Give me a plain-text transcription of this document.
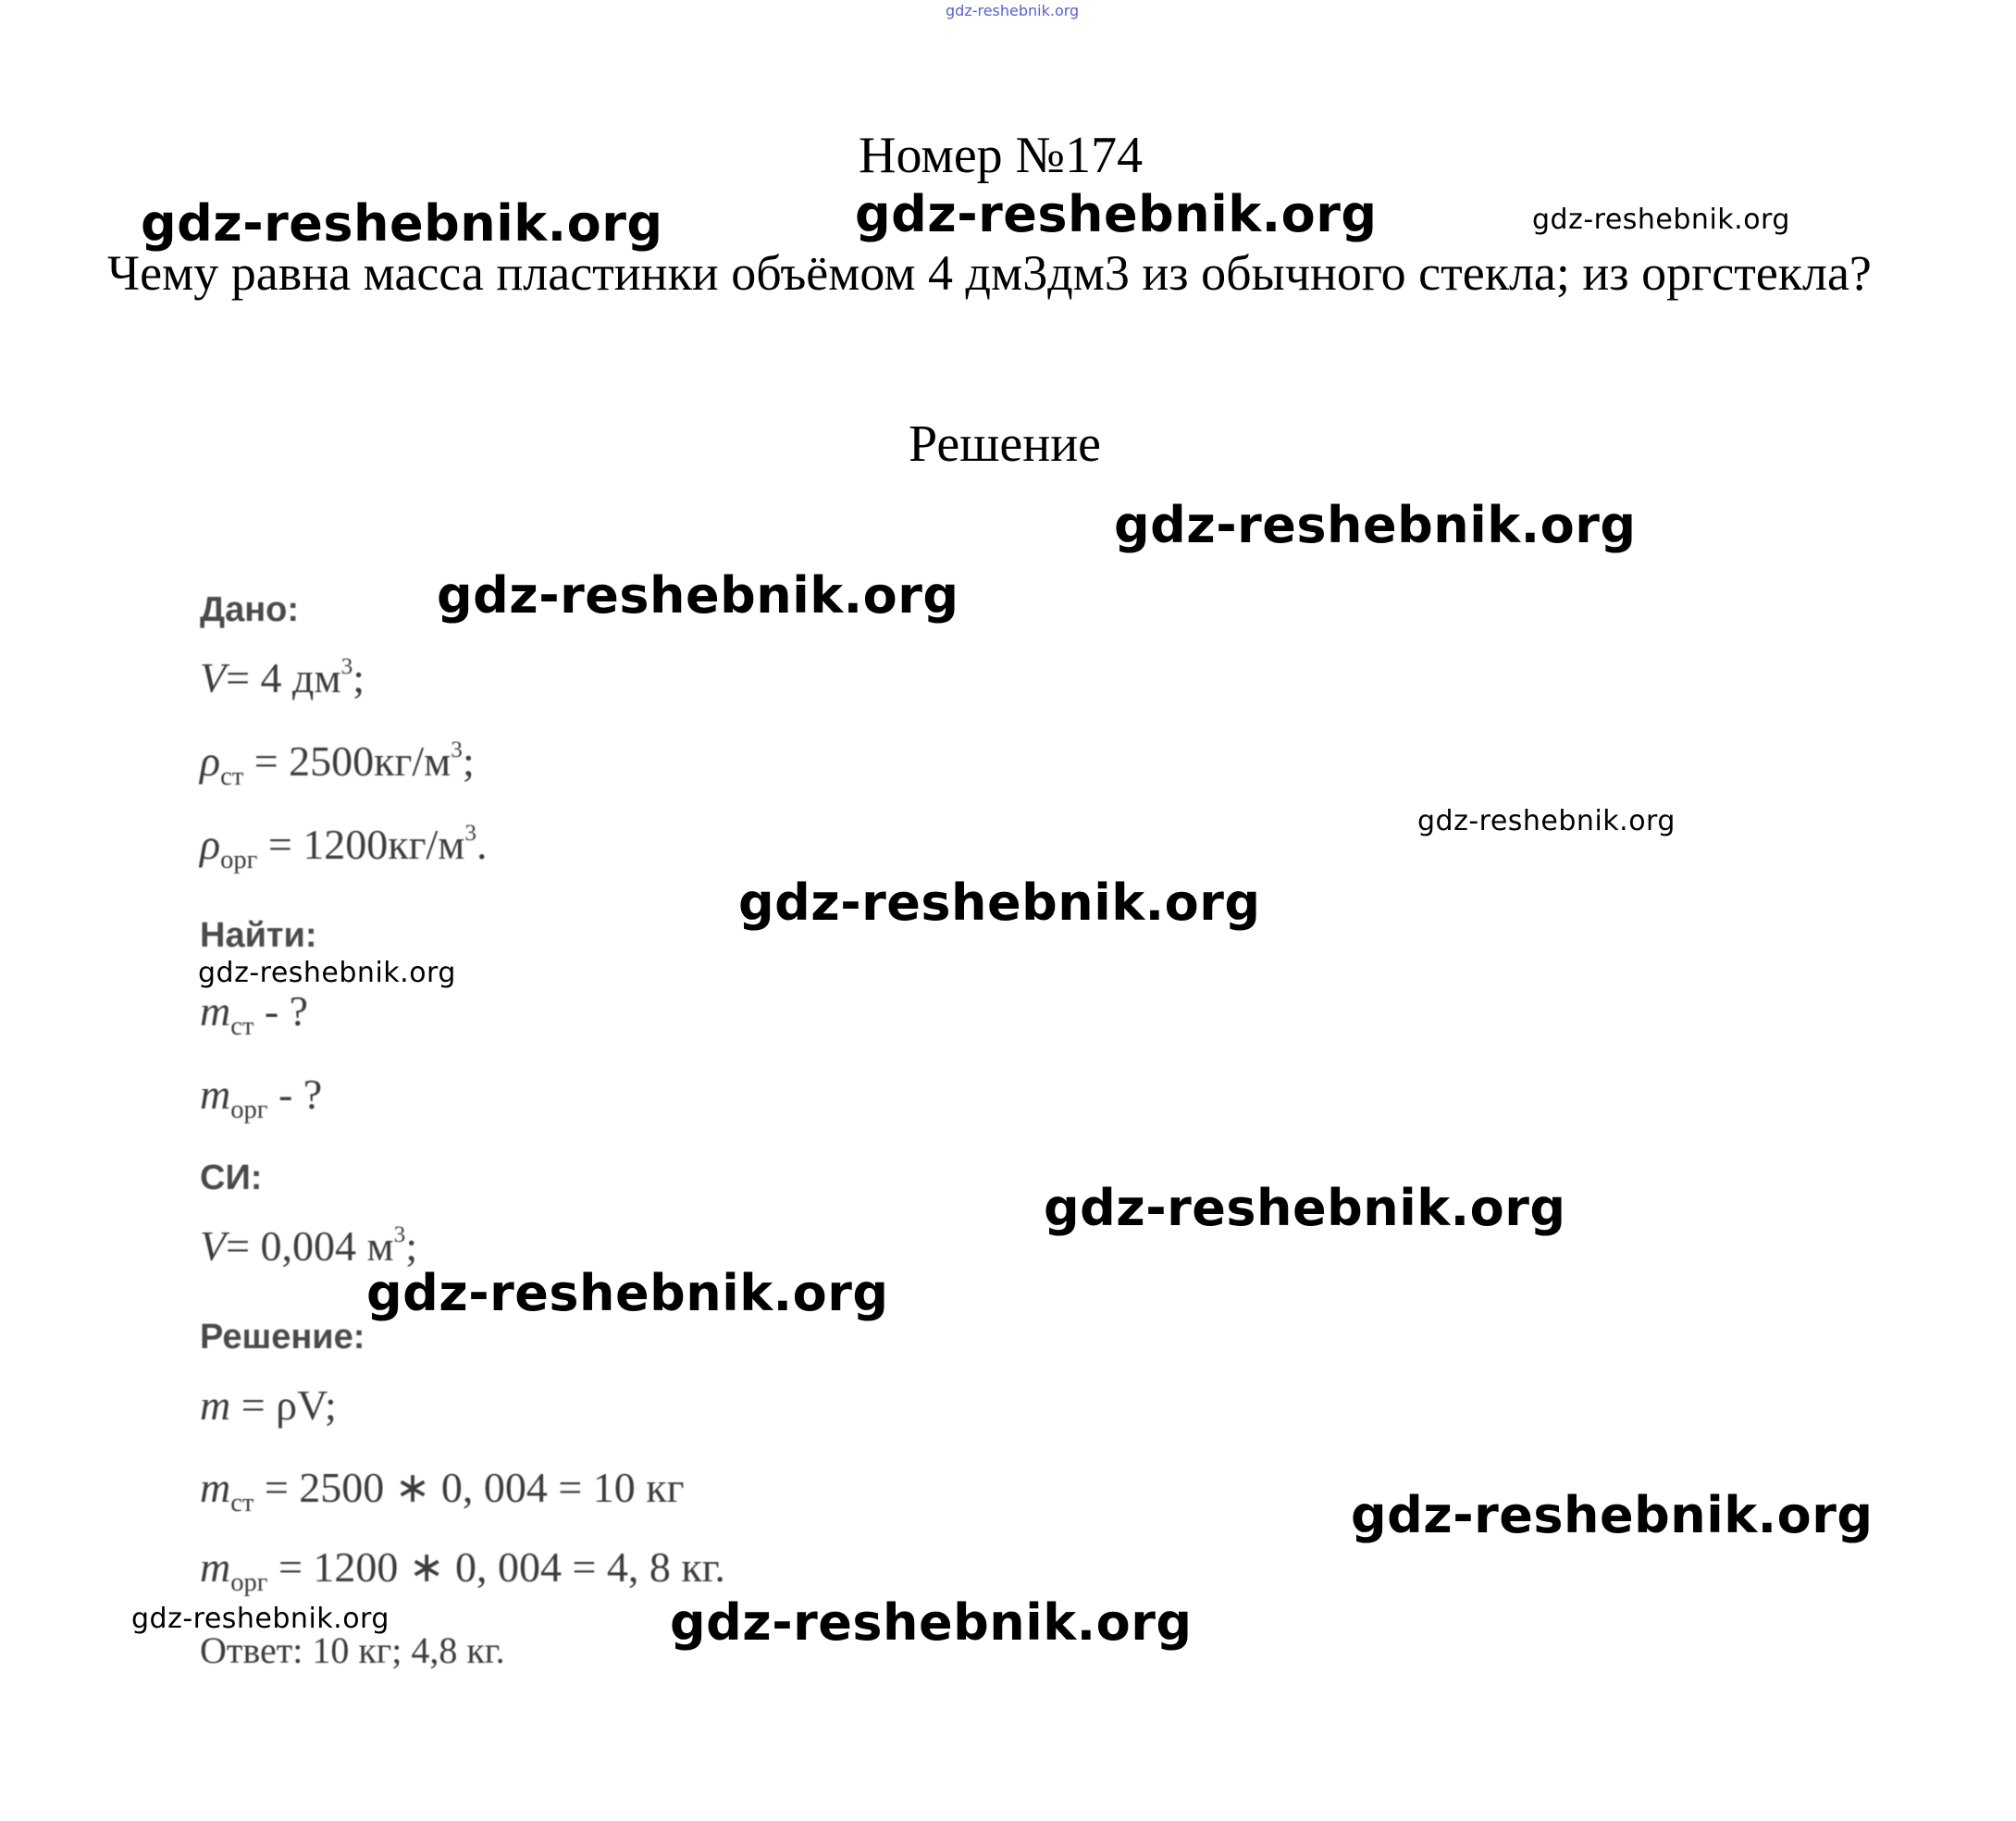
gdz-reshebnik.org
Номер №174
Чему равна масса пластинки объёмом 4 дм3дм3 из обычного стекла; из оргстекла?
Решение
Дано:
V= 4 $дм^3$;
$\rho_{ст} = 2500кг/м^3$;
$\rho_{орг} = 1200кг/м^3$.
Найти:
$m_{ст}$ - ?
$m_{орг}$ - ?
СИ:
V= 0,004 $м^3$;
Решение:
m = ρV;
$m_{ст} = 2500$ ∗ 0, 004 = 10 кг
$m_{орг} = 1200$ ∗ 0, 004 = 4, 8 кг.
Ответ: 10 кг; 4,8 кг.
gdz-reshebnik.org	gdz-reshebnik.org	gdz-reshebnik.org
gdz-reshebnik.org
gdz-reshebnik.org
gdz-reshebnik.org
gdz-reshebnik.org
gdz-reshebnik.org
gdz-reshebnik.org
gdz-reshebnik.org
gdz-reshebnik.org
gdz-reshebnik.org	gdz-reshebnik.org
